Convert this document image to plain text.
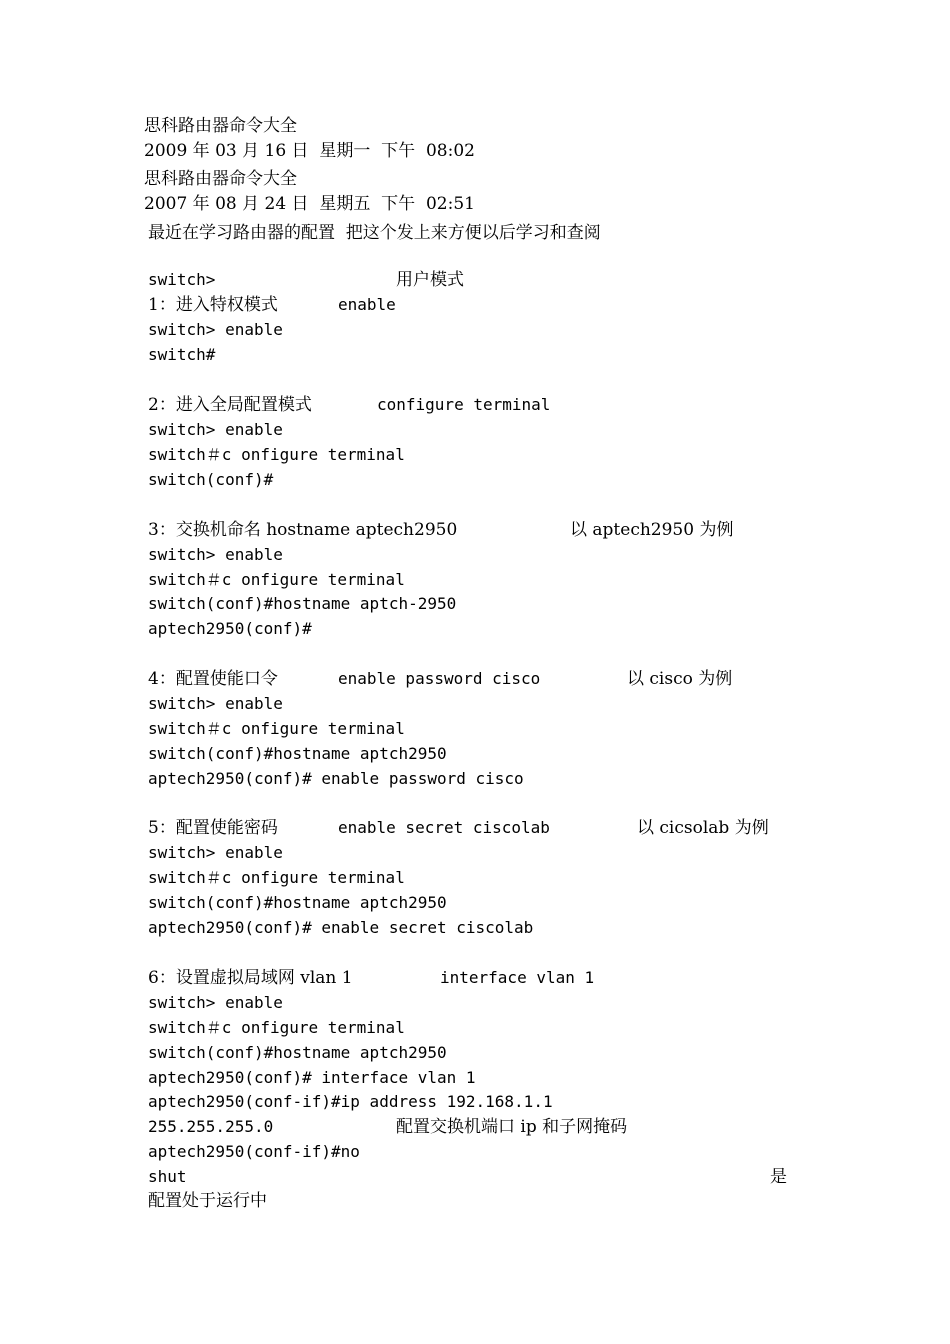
思科路由器命令大全
2009 年 03 月 16 日  星期一  下午  08:02
思科路由器命令大全
2007 年 08 月 24 日  星期五  下午  02:51
最近在学习路由器的配置  把这个发上来方便以后学习和查阅

switch>

	用户模式

1：进入特权模式

	enable

switch> enable
switch#

2：进入全局配置模式

	configure terminal

switch> enable
switch＃c onfigure terminal
switch(conf)#

3：交换机命名 hostname aptech2950

	以 aptech2950 为例

switch> enable
switch＃c onfigure terminal
switch(conf)#hostname aptch-2950
aptech2950(conf)#

4：配置使能口令

	enable password cisco

	以 cisco 为例

switch> enable
switch＃c onfigure terminal
switch(conf)#hostname aptch2950
aptech2950(conf)# enable password cisco

5：配置使能密码

	enable secret ciscolab

	以 cicsolab 为例

switch> enable
switch＃c onfigure terminal
switch(conf)#hostname aptch2950
aptech2950(conf)# enable secret ciscolab

6：设置虚拟局域网 vlan 1

	interface vlan 1

switch> enable
switch＃c onfigure terminal
switch(conf)#hostname aptch2950
aptech2950(conf)# interface vlan 1
aptech2950(conf-if)#ip address 192.168.1.1

255.255.255.0

	配置交换机端口 ip 和子网掩码

aptech2950(conf-if)#no

shut

	是

配置处于运行中
